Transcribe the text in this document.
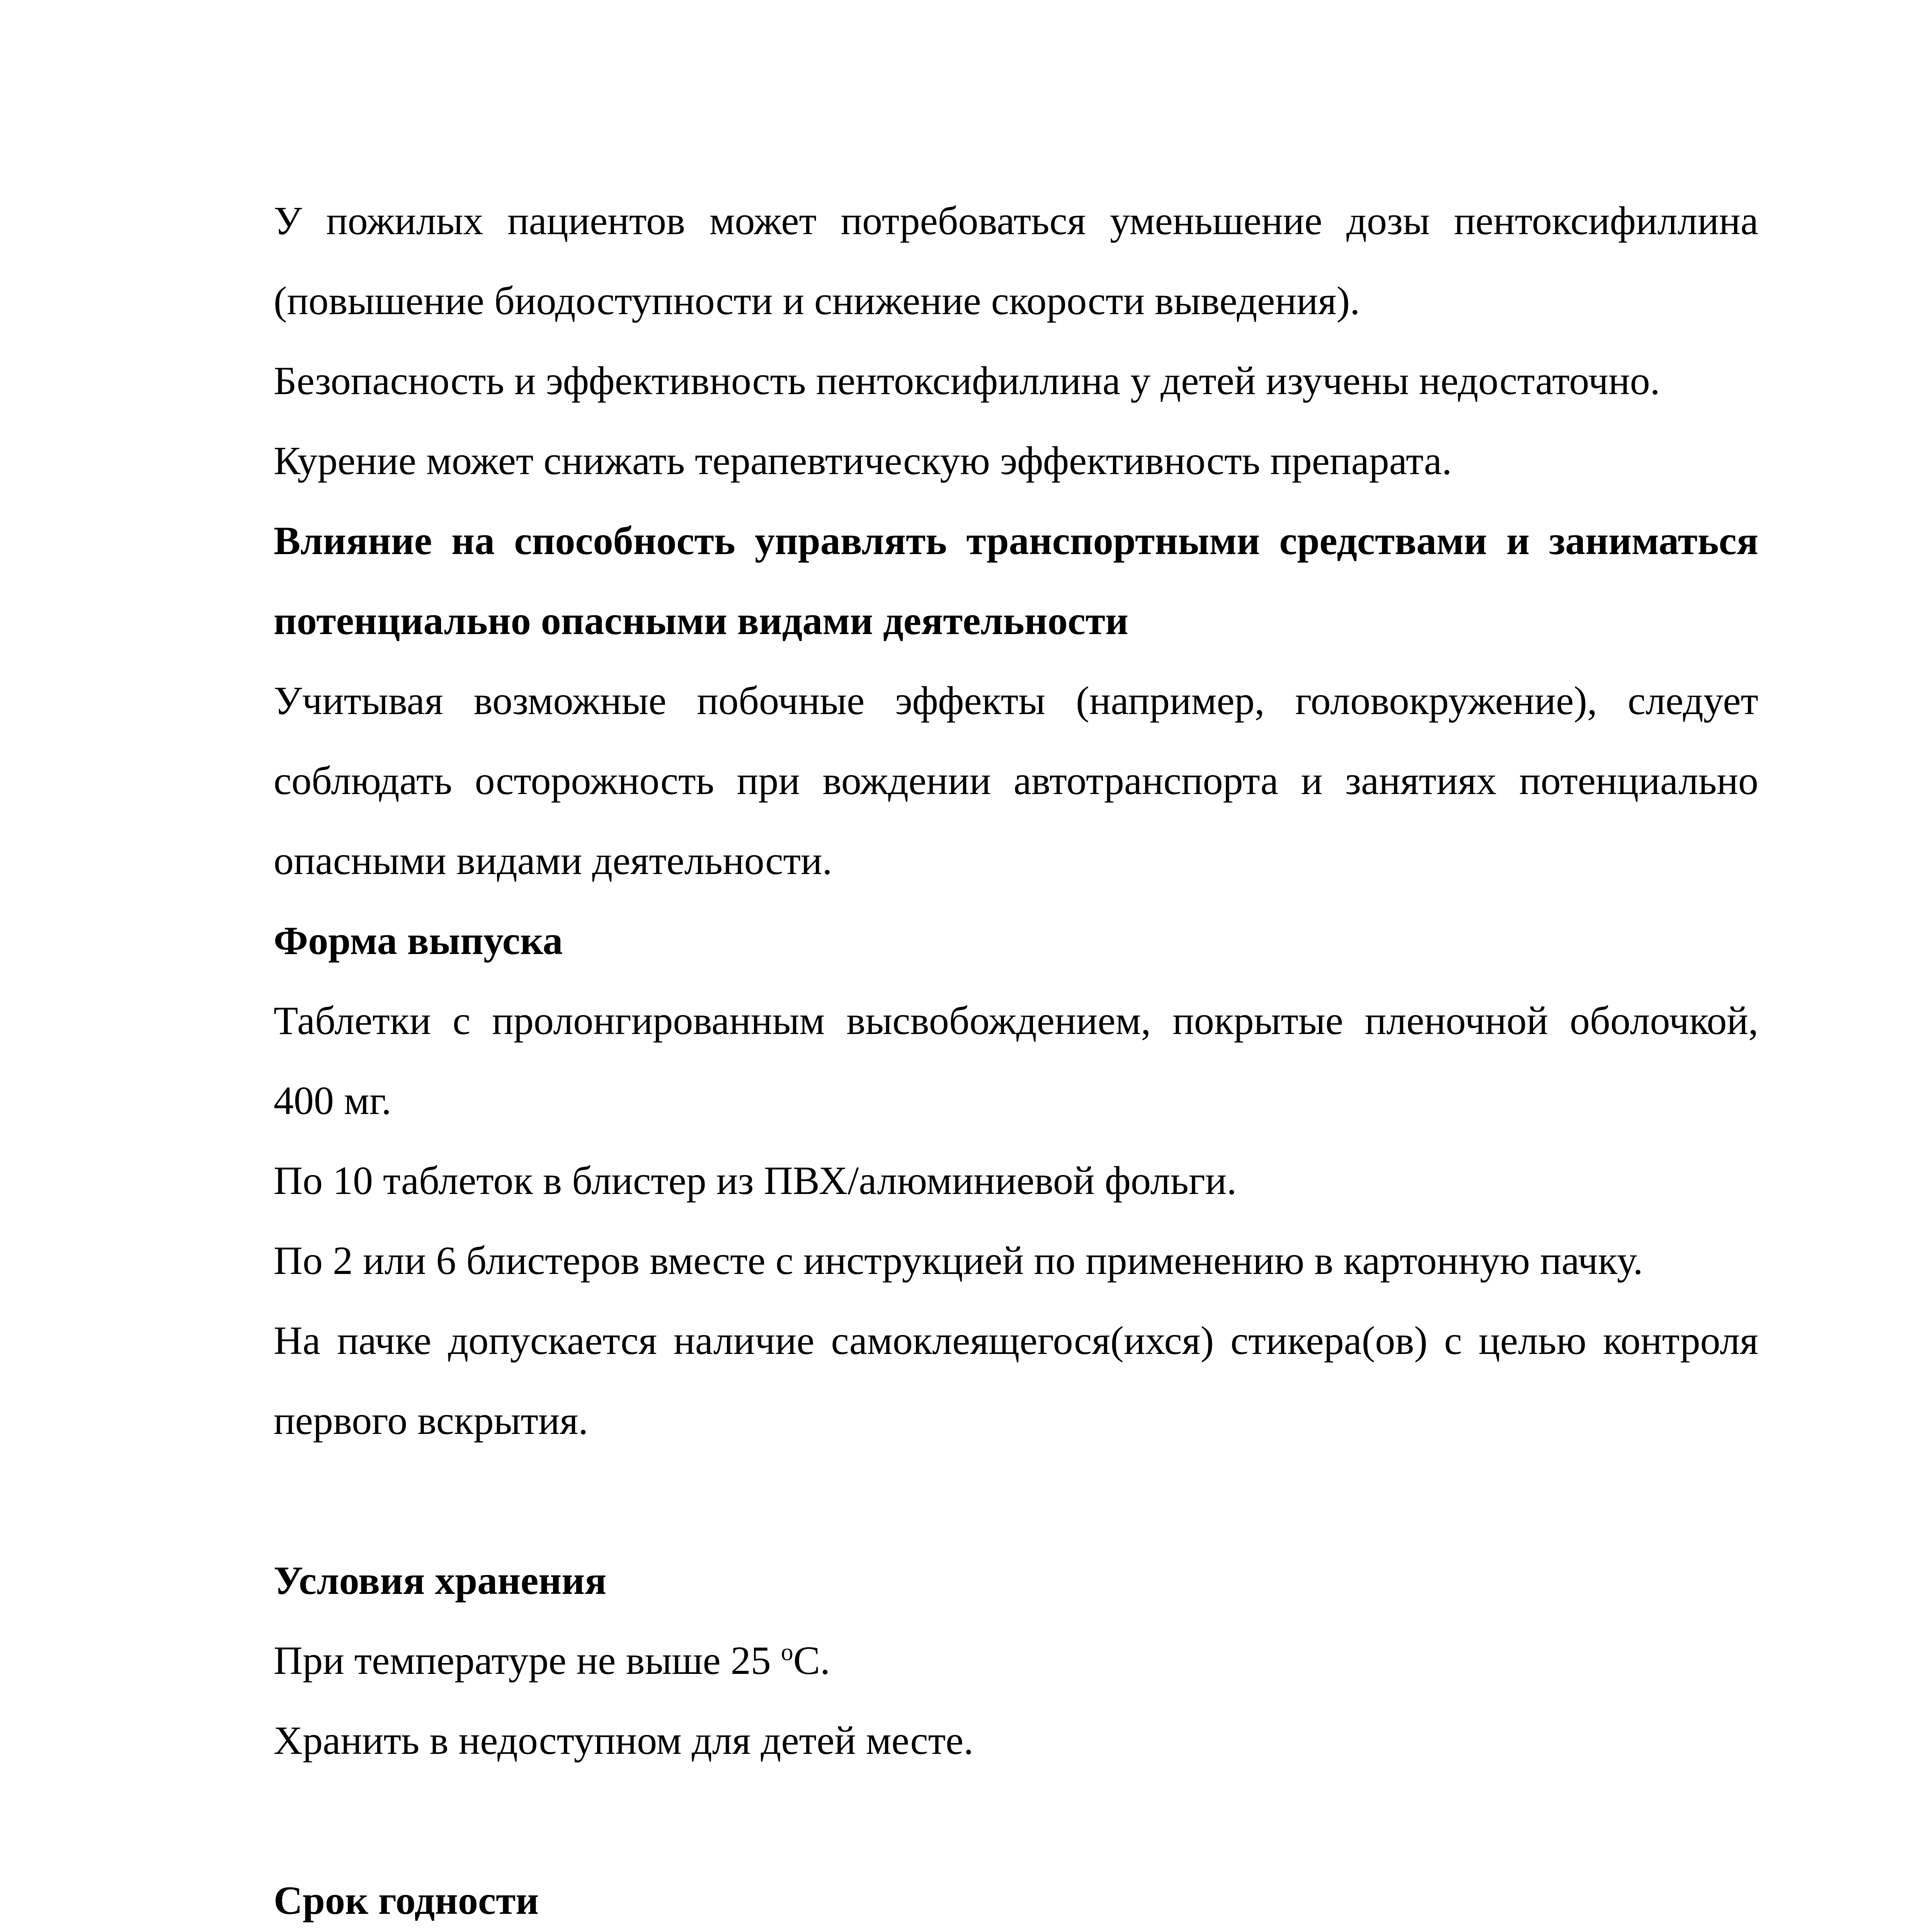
У пожилых пациентов может потребоваться уменьшение дозы пентоксифиллина (повышение биодоступности и снижение скорости выведения).

Безопасность и эффективность пентоксифиллина у детей изучены недостаточно.

Курение может снижать терапевтическую эффективность препарата.

Влияние на способность управлять транспортными средствами и заниматься потенциально опасными видами деятельности

Учитывая возможные побочные эффекты (например, головокружение), следует соблюдать осторожность при вождении автотранспорта и занятиях потенциально опасными видами деятельности.

Форма выпуска

Таблетки с пролонгированным высвобождением, покрытые пленочной оболочкой, 400 мг.

По 10 таблеток в блистер из ПВХ/алюминиевой фольги.

По 2 или 6 блистеров вместе с инструкцией по применению в картонную пачку.

На пачке допускается наличие самоклеящегося(ихся) стикера(ов) с целью контроля первого вскрытия.

Условия хранения

При температуре не выше 25 $^о$С.

Хранить в недоступном для детей месте.

Срок годности
